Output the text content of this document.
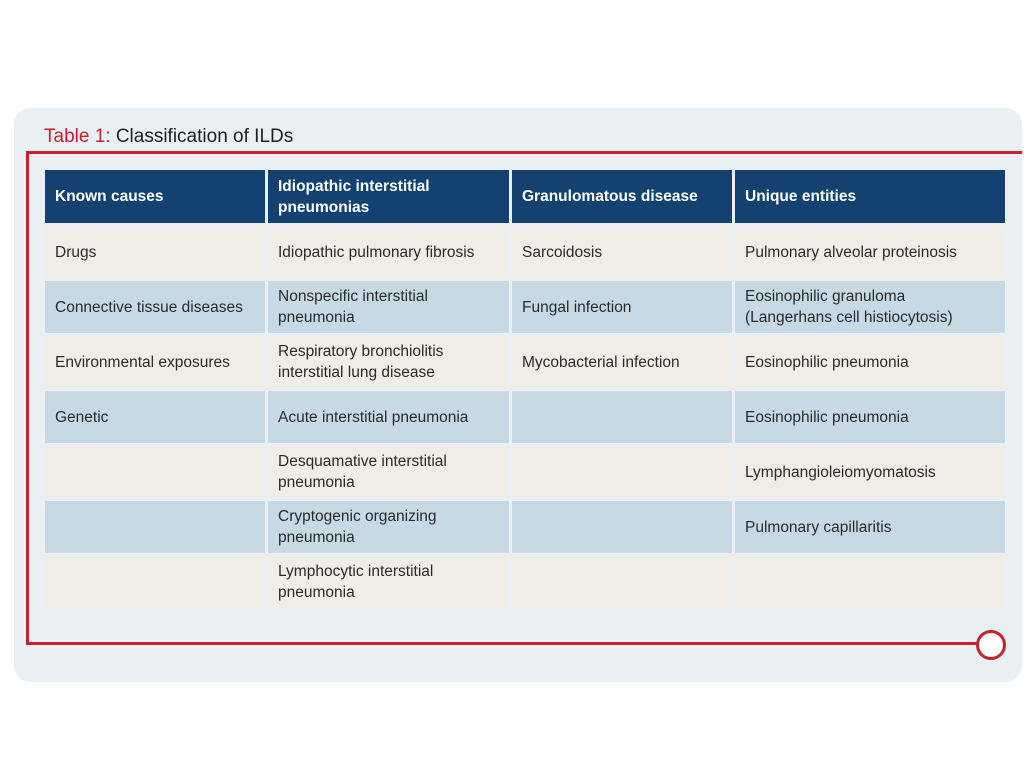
Table 1: Classification of ILDs
Known causes	Idiopathic interstitial pneumonias	Granulomatous disease	Unique entities
Drugs	Idiopathic pulmonary fibrosis	Sarcoidosis	Pulmonary alveolar proteinosis
Connective tissue diseases	Nonspecific interstitial pneumonia	Fungal infection	Eosinophilic granuloma (Langerhans cell histiocytosis)
Environmental exposures	Respiratory bronchiolitis interstitial lung disease	Mycobacterial infection	Eosinophilic pneumonia
Genetic	Acute interstitial pneumonia		Eosinophilic pneumonia
	Desquamative interstitial pneumonia		Lymphangioleiomyomatosis
	Cryptogenic organizing pneumonia		Pulmonary capillaritis
	Lymphocytic interstitial pneumonia		
